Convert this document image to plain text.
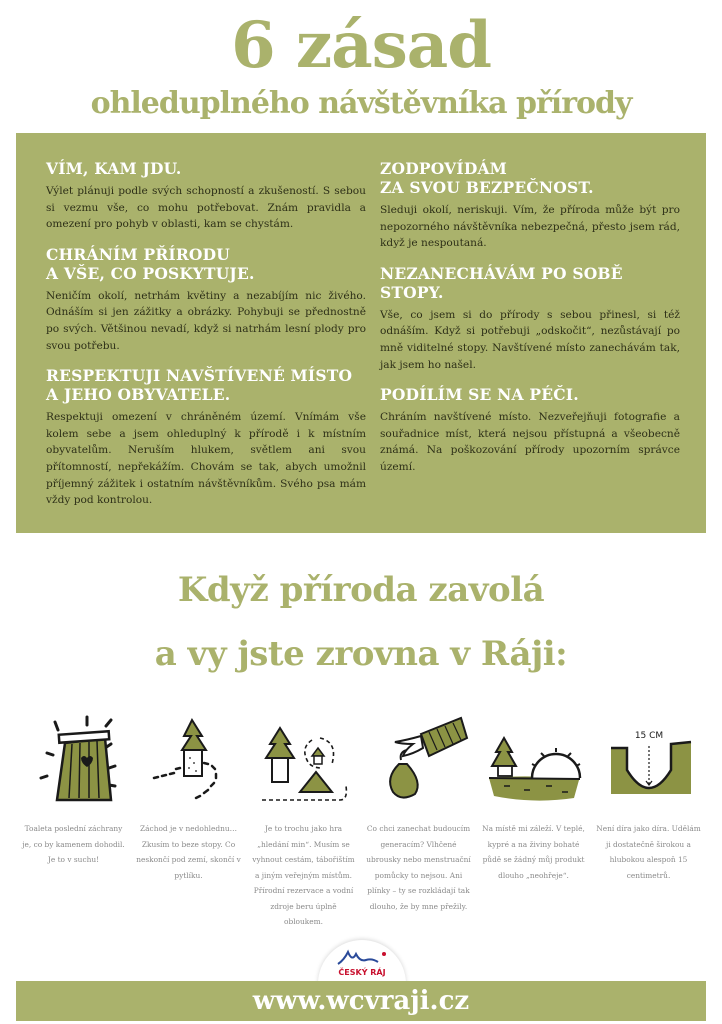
6 zásad
ohleduplného návštěvníka přírody
VÍM, KAM JDU.

Výlet plánuji podle svých schopností a zkušeností. S sebou si vezmu vše, co mohu potřebovat. Znám pravidla a omezení pro pohyb v oblasti, kam se chystám.

CHRÁNÍM PŘÍRODU
A VŠE, CO POSKYTUJE.

Neničím okolí, netrhám květiny a nezabíjím nic živého. Odnáším si jen zážitky a obrázky. Pohybuji se přednostně po svých. Většinou nevadí, když si natrhám lesní plody pro svou potřebu.

RESPEKTUJI NAVŠTÍVENÉ MÍSTO
A JEHO OBYVATELE.

Respektuji omezení v chráněném území. Vnímám vše kolem sebe a jsem ohleduplný k přírodě i k místním obyvatelům. Neruším hlukem, světlem ani svou přítomností, nepřekážím. Chovám se tak, abych umožnil příjemný zážitek i ostatním návštěvníkům. Svého psa mám vždy pod kontrolou.

ZODPOVÍDÁM
ZA SVOU BEZPEČNOST.

Sleduji okolí, neriskuji. Vím, že příroda může být pro nepozorného návštěvníka nebezpečná, přesto jsem rád, když je nespoutaná.

NEZANECHÁVÁM PO SOBĚ STOPY.

Vše, co jsem si do přírody s sebou přinesl, si též odnáším. Když si potřebuji „odskočit“, nezůstávají po mně viditelné stopy. Navštívené místo zanechávám tak, jak jsem ho našel.

PODÍLÍM SE NA PÉČI.

Chráním navštívené místo. Nezveřejňuji fotografie a souřadnice míst, která nejsou přístupná a všeobecně známá. Na poškozování přírody upozorním správce území.

Když příroda zavolá
a vy jste zrovna v Ráji:
Toaleta poslední záchrany je, co by kamenem dohodil. Je to v suchu!
Záchod je v nedohlednu… Zkusím to beze stopy. Co neskončí pod zemí, skončí v pytlíku.
Je to trochu jako hra „hledání min“. Musím se vyhnout cestám, tábořištím a jiným veřejným místům. Přírodní rezervace a vodní zdroje beru úplně obloukem.
Co chci zanechat budoucím generacím? Vlhčené ubrousky nebo menstruační pomůcky to nejsou. Ani plínky – ty se rozkládají tak dlouho, že by mne přežily.
Na místě mi záleží. V teplé, kypré a na živiny bohaté půdě se žádný můj produkt dlouho „neohřeje“.
15 CM
Není díra jako díra. Udělám ji dostatečně širokou a hlubokou alespoň 15 centimetrů.
ČESKÝ RÁJ
www.wcvraji.cz
